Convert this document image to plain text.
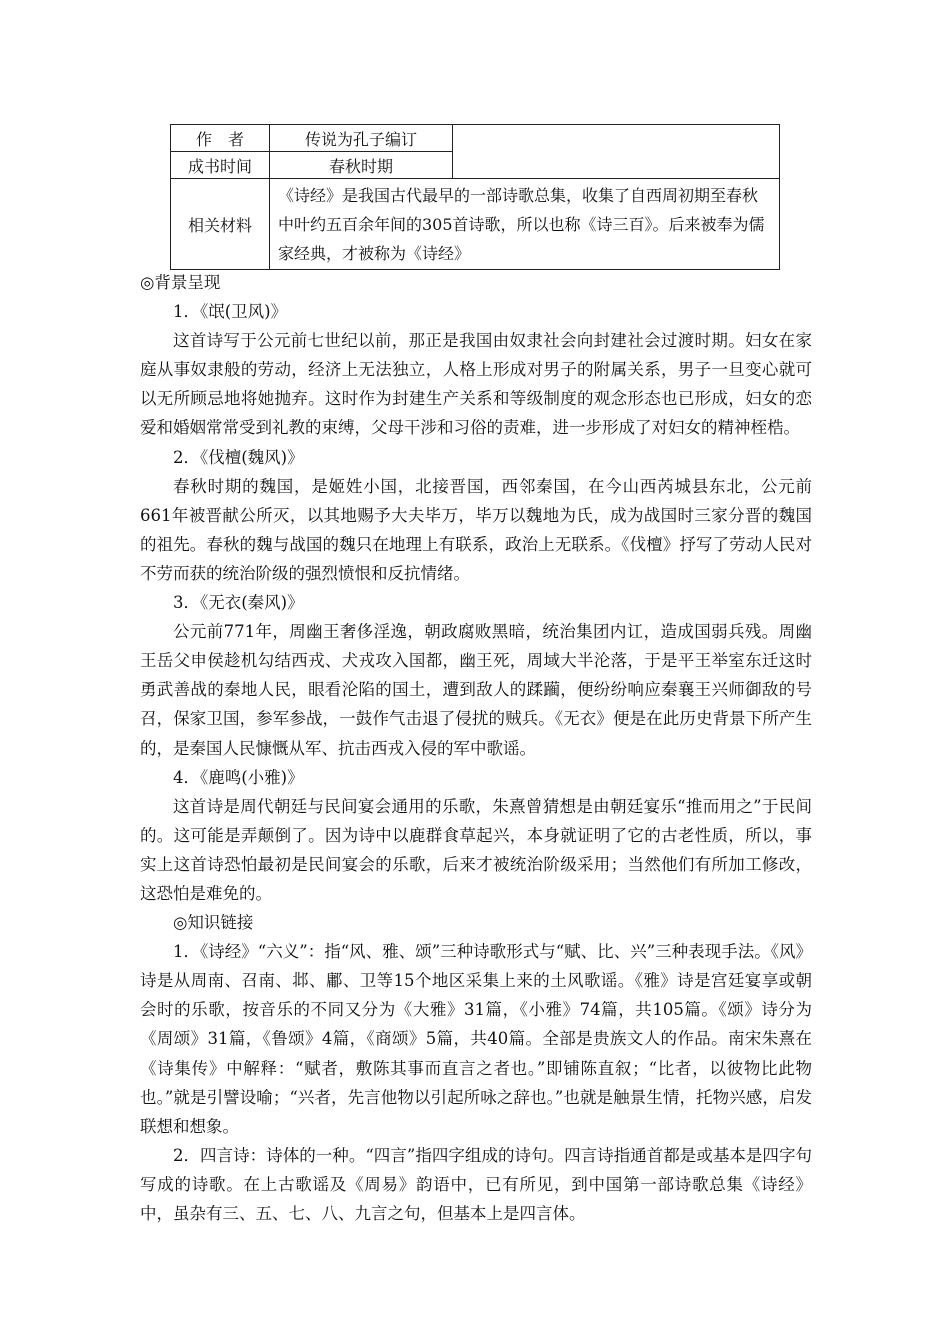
作　者	传说为孔子编订	
成书时间	春秋时期	
相关材料	《诗经》是我国古代最早的一部诗歌总集，收集了自西周初期至春秋中叶约五百余年间的305首诗歌，所以也称《诗三百》。后来被奉为儒家经典，才被称为《诗经》	

◎背景呈现

1．《氓(卫风)》

这首诗写于公元前七世纪以前，那正是我国由奴隶社会向封建社会过渡时期。妇女在家庭从事奴隶般的劳动，经济上无法独立，人格上形成对男子的附属关系，男子一旦变心就可以无所顾忌地将她抛弃。这时作为封建生产关系和等级制度的观念形态也已形成，妇女的恋爱和婚姻常常受到礼教的束缚，父母干涉和习俗的责难，进一步形成了对妇女的精神桎梏。

2．《伐檀(魏风)》

春秋时期的魏国，是姬姓小国，北接晋国，西邻秦国，在今山西芮城县东北，公元前661年被晋献公所灭，以其地赐予大夫毕万，毕万以魏地为氏，成为战国时三家分晋的魏国的祖先。春秋的魏与战国的魏只在地理上有联系，政治上无联系。《伐檀》抒写了劳动人民对不劳而获的统治阶级的强烈愤恨和反抗情绪。

3．《无衣(秦风)》

公元前771年，周幽王奢侈淫逸，朝政腐败黑暗，统治集团内讧，造成国弱兵残。周幽王岳父申侯趁机勾结西戎、犬戎攻入国都，幽王死，周域大半沦落，于是平王举室东迁这时勇武善战的秦地人民，眼看沦陷的国土，遭到敌人的蹂躏，便纷纷响应秦襄王兴师御敌的号召，保家卫国，参军参战，一鼓作气击退了侵扰的贼兵。《无衣》便是在此历史背景下所产生的，是秦国人民慷慨从军、抗击西戎入侵的军中歌谣。

4．《鹿鸣(小雅)》

这首诗是周代朝廷与民间宴会通用的乐歌，朱熹曾猜想是由朝廷宴乐“推而用之”于民间的。这可能是弄颠倒了。因为诗中以鹿群食草起兴，本身就证明了它的古老性质，所以，事实上这首诗恐怕最初是民间宴会的乐歌，后来才被统治阶级采用；当然他们有所加工修改，这恐怕是难免的。

◎知识链接

1．《诗经》“六义”：指“风、雅、颂”三种诗歌形式与“赋、比、兴”三种表现手法。《风》诗是从周南、召南、邶、鄘、卫等15个地区采集上来的土风歌谣。《雅》诗是宫廷宴享或朝会时的乐歌，按音乐的不同又分为《大雅》31篇，《小雅》74篇，共105篇。《颂》诗分为《周颂》31篇，《鲁颂》4篇，《商颂》5篇，共40篇。全部是贵族文人的作品。南宋朱熹在《诗集传》中解释：“赋者，敷陈其事而直言之者也。”即铺陈直叙；“比者，以彼物比此物也。”就是引譬设喻；“兴者，先言他物以引起所咏之辞也。”也就是触景生情，托物兴感，启发联想和想象。

2．四言诗：诗体的一种。“四言”指四字组成的诗句。四言诗指通首都是或基本是四字句写成的诗歌。在上古歌谣及《周易》韵语中，已有所见，到中国第一部诗歌总集《诗经》中，虽杂有三、五、七、八、九言之句，但基本上是四言体。
